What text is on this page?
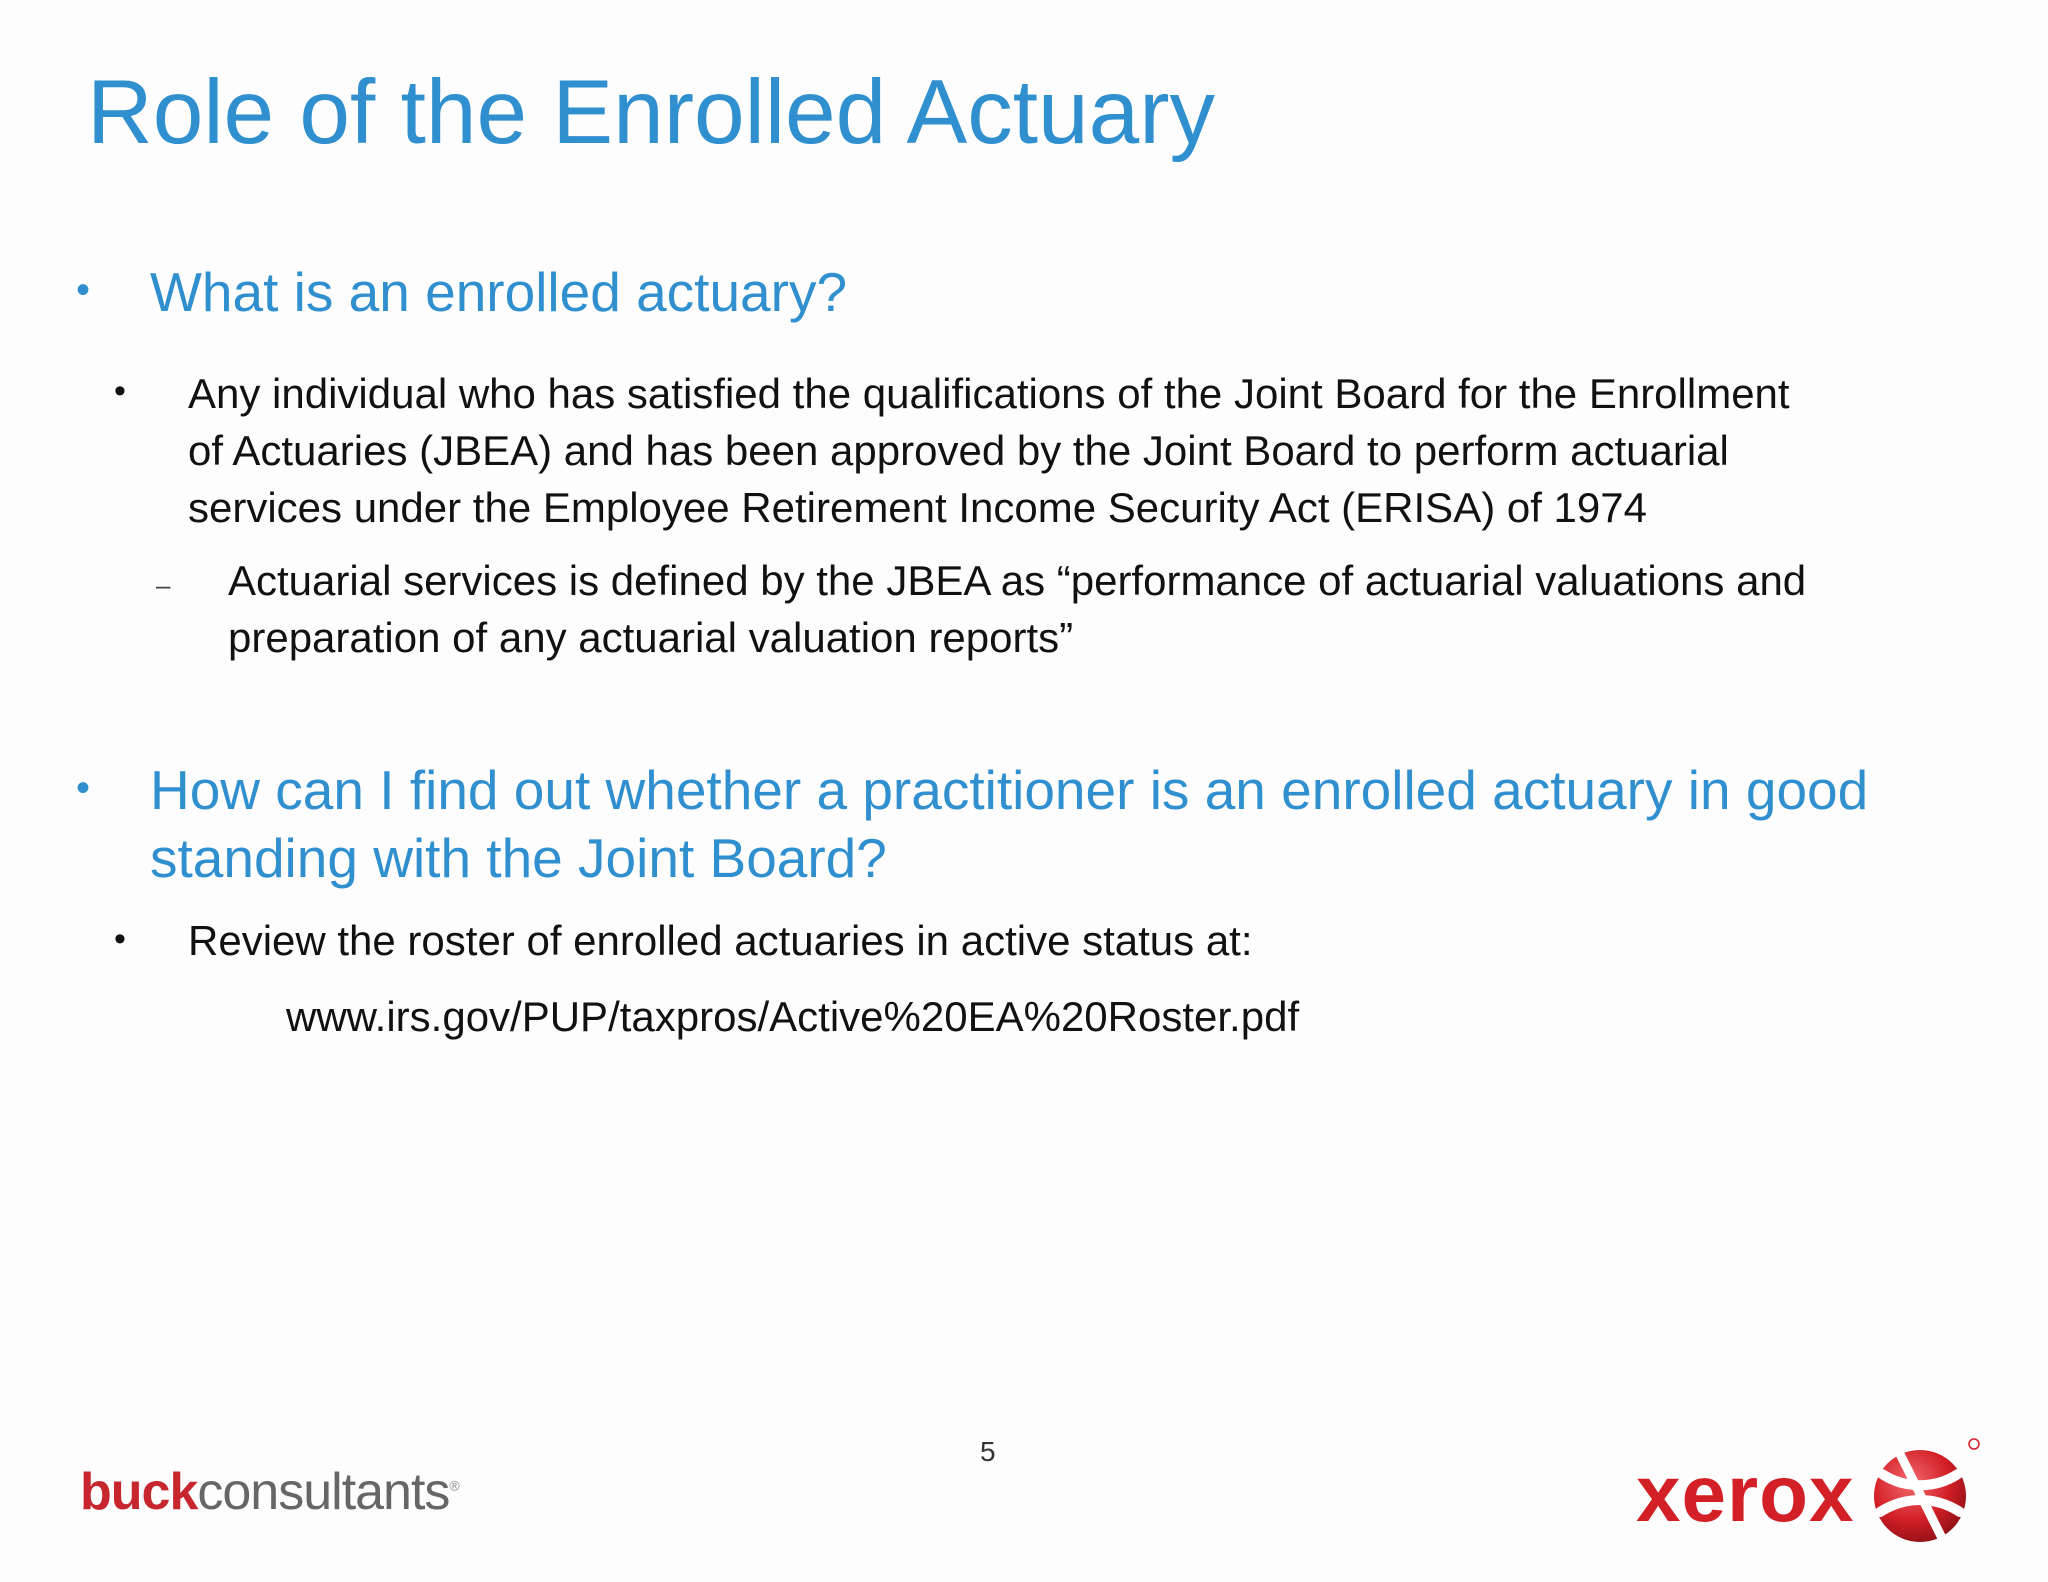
Role of the Enrolled Actuary
• What is an enrolled actuary?
• Any individual who has satisfied the qualifications of the Joint Board for the Enrollment
of Actuaries (JBEA) and has been approved by the Joint Board to perform actuarial
services under the Employee Retirement Income Security Act (ERISA) of 1974
– Actuarial services is defined by the JBEA as “performance of actuarial valuations and
preparation of any actuarial valuation reports”
• How can I find out whether a practitioner is an enrolled actuary in good
standing with the Joint Board?
• Review the roster of enrolled actuaries in active status at:
www.irs.gov/PUP/taxpros/Active%20EA%20Roster.pdf
5
buckconsultants®	xerox
